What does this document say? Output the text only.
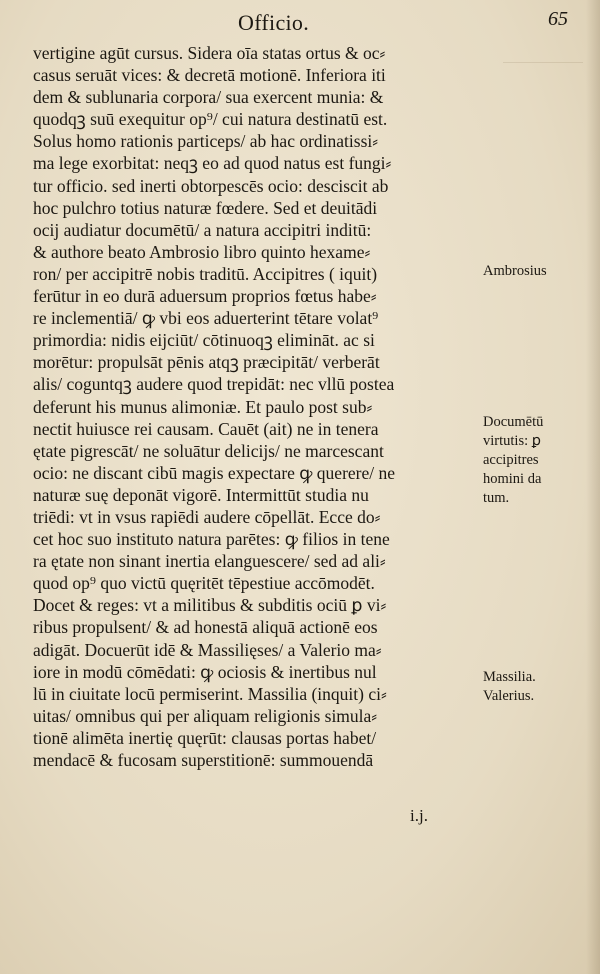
Officio.	65
vertigine agūt cursus. Sidera oīa statas ortus & oc⸗
casus seruāt vices: & decretā motionē. Inferiora iti
dem & sublunaria corpora/ sua exercent munia: &
quodqꝫ suū exequitur op⁹/ cui natura destinatū est.
Solus homo rationis particeps/ ab hac ordinatissi⸗
ma lege exorbitat: neqꝫ eo ad quod natus est fungi⸗
tur officio. sed inerti obtorpescēs ocio: desciscit ab
hoc pulchro totius naturæ fœdere. Sed et deuitādi
ocij audiatur documētū/ a natura accipitri inditū:
& authore beato Ambrosio libro quinto hexame⸗
ron/ per accipitrē nobis traditū. Accipitres ( iquit)
ferūtur in eo durā aduersum proprios fœtus habe⸗
re inclementiā/ ꝙ vbi eos aduerterint tētare volat⁹
primordia: nidis eijciūt/ cōtinuoqꝫ elimināt. ac si
morētur: propulsāt pēnis atqꝫ præcipitāt/ verberāt
alis/ coguntqꝫ audere quod trepidāt: nec vllū postea
deferunt his munus alimoniæ. Et paulo post sub⸗
nectit huiusce rei causam. Cauēt (ait) ne in tenera
ętate pigrescāt/ ne soluātur delicijs/ ne marcescant
ocio: ne discant cibū magis expectare ꝙ querere/ ne
naturæ suę deponāt vigorē. Intermittūt studia nu
triēdi: vt in vsus rapiēdi audere cōpellāt. Ecce do⸗
cet hoc suo instituto natura parētes: ꝙ filios in tene
ra ętate non sinant inertia elanguescere/ sed ad ali⸗
quod op⁹ quo victū quęritēt tēpestiue accōmodēt.
Docet & reges: vt a militibus & subditis ociū ꝑ vi⸗
ribus propulsent/ & ad honestā aliquā actionē eos
adigāt. Docuerūt idē & Massilięses/ a Valerio ma⸗
iore in modū cōmēdati: ꝙ ociosis & inertibus nul
lū in ciuitate locū permiserint. Massilia (inquit) ci⸗
uitas/ omnibus qui per aliquam religionis simula⸗
tionē alimēta inertię quęrūt: clausas portas habet/
mendacē & fucosam superstitionē: summouendā
i.j.
Ambrosius
Documētū
virtutis: ꝑ
accipitres
homini da
tum.
Massilia.
Valerius.
